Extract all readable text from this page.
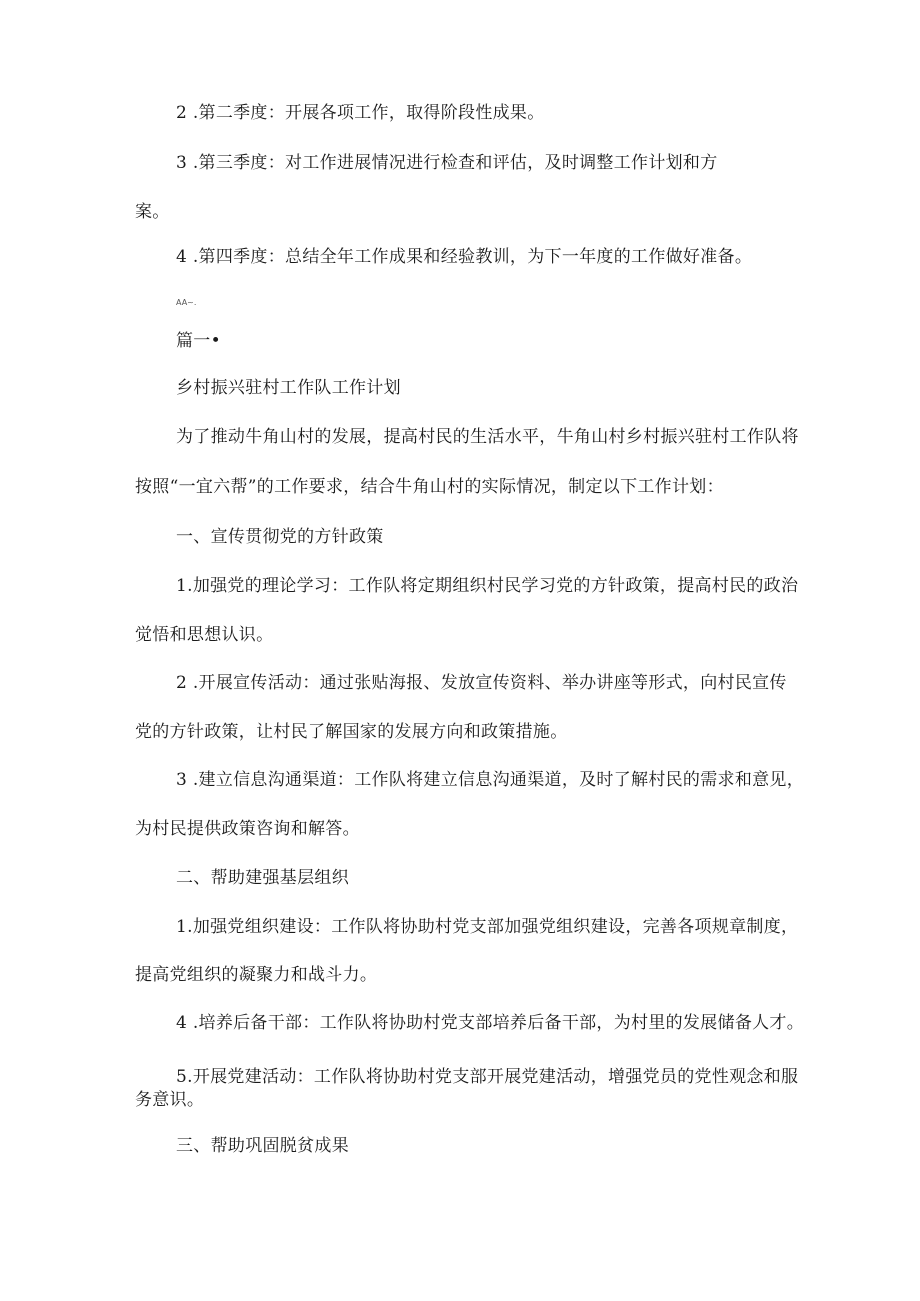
2 .第二季度：开展各项工作，取得阶段性成果。
3 .第三季度：对工作进展情况进行检查和评估，及时调整工作计划和方
案。
4 .第四季度：总结全年工作成果和经验教训，为下一年度的工作做好准备。
AA~.
篇一•
乡村振兴驻村工作队工作计划
为了推动牛角山村的发展，提高村民的生活水平，牛角山村乡村振兴驻村工作队将
按照“一宜六帮”的工作要求，结合牛角山村的实际情况，制定以下工作计划：
一、宣传贯彻党的方针政策
1.加强党的理论学习：工作队将定期组织村民学习党的方针政策，提高村民的政治
觉悟和思想认识。
2 .开展宣传活动：通过张贴海报、发放宣传资料、举办讲座等形式，向村民宣传
党的方针政策，让村民了解国家的发展方向和政策措施。
3 .建立信息沟通渠道：工作队将建立信息沟通渠道，及时了解村民的需求和意见，
为村民提供政策咨询和解答。
二、帮助建强基层组织
1.加强党组织建设：工作队将协助村党支部加强党组织建设，完善各项规章制度，
提高党组织的凝聚力和战斗力。
4 .培养后备干部：工作队将协助村党支部培养后备干部，为村里的发展储备人才。
5.开展党建活动：工作队将协助村党支部开展党建活动，增强党员的党性观念和服
务意识。
三、帮助巩固脱贫成果
